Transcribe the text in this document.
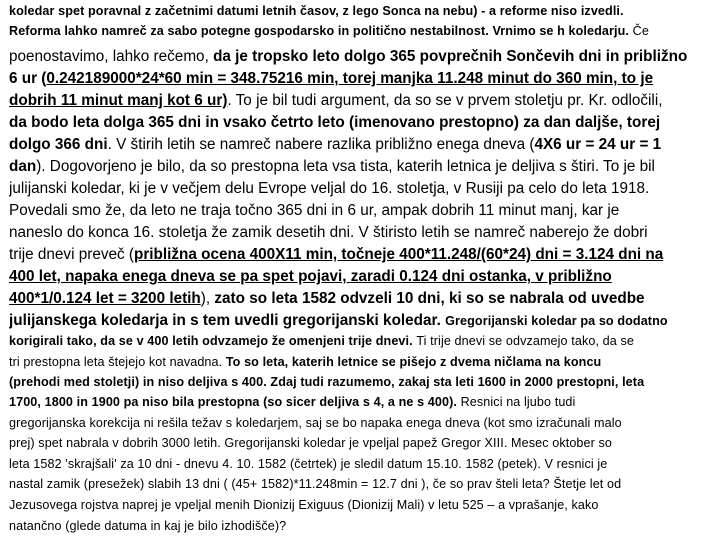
koledar spet poravnal z začetnimi datumi letnih časov, z lego Sonca na nebu) - a reforme niso izvedli.
Reforma lahko namreč za sabo potegne gospodarsko in politično nestabilnost. Vrnimo se h koledarju. Če
poenostavimo, lahko rečemo, da je tropsko leto dolgo 365 povprečnih Sončevih dni in približno
6 ur (0.242189000*24*60 min = 348.75216 min, torej manjka 11.248 minut do 360 min, to je
dobrih 11 minut manj kot 6 ur). To je bil tudi argument, da so se v prvem stoletju pr. Kr. odločili,
da bodo leta dolga 365 dni in vsako četrto leto (imenovano prestopno) za dan daljše, torej
dolgo 366 dni. V štirih letih se namreč nabere razlika približno enega dneva (4X6 ur = 24 ur = 1
dan). Dogovorjeno je bilo, da so prestopna leta vsa tista, katerih letnica je deljiva s štiri. To je bil
julijanski koledar, ki je v večjem delu Evrope veljal do 16. stoletja, v Rusiji pa celo do leta 1918.
Povedali smo že, da leto ne traja točno 365 dni in 6 ur, ampak dobrih 11 minut manj, kar je
naneslo do konca 16. stoletja že zamik desetih dni. V štiristo letih se namreč naberejo že dobri
trije dnevi preveč (približna ocena 400X11 min, točneje 400*11.248/(60*24) dni = 3.124 dni na
400 let, napaka enega dneva se pa spet pojavi, zaradi 0.124 dni ostanka, v približno
400*1/0.124 let = 3200 letih), zato so leta 1582 odvzeli 10 dni, ki so se nabrala od uvedbe
julijanskega koledarja in s tem uvedli gregorijanski koledar. Gregorijanski koledar pa so dodatno
korigirali tako, da se v 400 letih odvzamejo že omenjeni trije dnevi. Ti trije dnevi se odvzamejo tako, da se
tri prestopna leta štejejo kot navadna. To so leta, katerih letnice se pišejo z dvema ničlama na koncu
(prehodi med stoletji) in niso deljiva s 400. Zdaj tudi razumemo, zakaj sta leti 1600 in 2000 prestopni, leta
1700, 1800 in 1900 pa niso bila prestopna (so sicer deljiva s 4, a ne s 400). Resnici na ljubo tudi
gregorijanska korekcija ni rešila težav s koledarjem, saj se bo napaka enega dneva (kot smo izračunali malo
prej) spet nabrala v dobrih 3000 letih. Gregorijanski koledar je vpeljal papež Gregor XIII. Mesec oktober so
leta 1582 'skrajšali' za 10 dni - dnevu 4. 10. 1582 (četrtek) je sledil datum 15.10. 1582 (petek). V resnici je
nastal zamik (presežek) slabih 13 dni ( (45+ 1582)*11.248min = 12.7 dni ), če so prav šteli leta? Štetje let od
Jezusovega rojstva naprej je vpeljal menih Dionizij Exiguus (Dionizij Mali) v letu 525 – a vprašanje, kako
natančno (glede datuma in kaj je bilo izhodišče)?
